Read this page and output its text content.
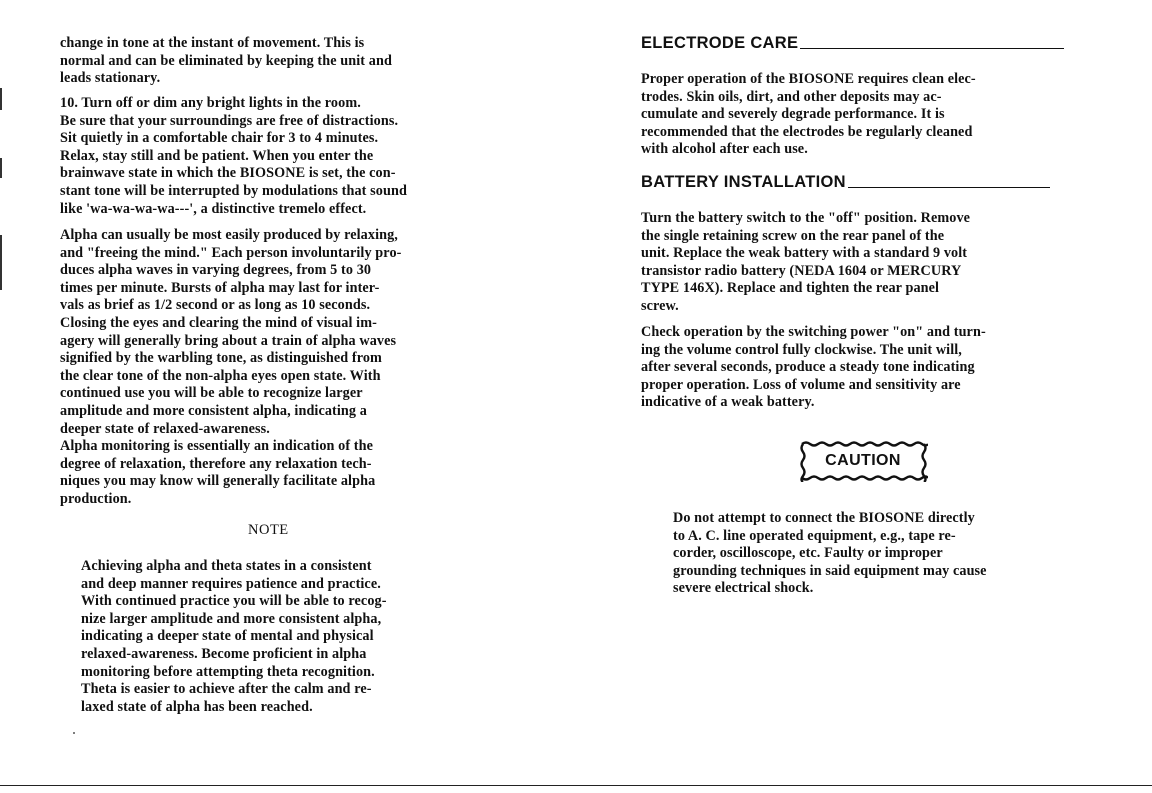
change in tone at the instant of movement. This is
normal and can be eliminated by keeping the unit and
leads stationary.

10. Turn off or dim any bright lights in the room.
Be sure that your surroundings are free of distractions.
Sit quietly in a comfortable chair for 3 to 4 minutes.
Relax, stay still and be patient. When you enter the
brainwave state in which the BIOSONE is set, the con-
stant tone will be interrupted by modulations that sound
like 'wa-wa-wa-wa---', a distinctive tremelo effect.

Alpha can usually be most easily produced by relaxing,
and "freeing the mind." Each person involuntarily pro-
duces alpha waves in varying degrees, from 5 to 30
times per minute. Bursts of alpha may last for inter-
vals as brief as 1/2 second or as long as 10 seconds.
Closing the eyes and clearing the mind of visual im-
agery will generally bring about a train of alpha waves
signified by the warbling tone, as distinguished from
the clear tone of the non-alpha eyes open state. With
continued use you will be able to recognize larger
amplitude and more consistent alpha, indicating a
deeper state of relaxed-awareness.

Alpha monitoring is essentially an indication of the
degree of relaxation, therefore any relaxation tech-
niques you may know will generally facilitate alpha
production.

NOTE

Achieving alpha and theta states in a consistent
and deep manner requires patience and practice.
With continued practice you will be able to recog-
nize larger amplitude and more consistent alpha,
indicating a deeper state of mental and physical
relaxed-awareness. Become proficient in alpha
monitoring before attempting theta recognition.
Theta is easier to achieve after the calm and re-
laxed state of alpha has been reached.

ELECTRODE CARE

Proper operation of the BIOSONE requires clean elec-
trodes. Skin oils, dirt, and other deposits may ac-
cumulate and severely degrade performance. It is
recommended that the electrodes be regularly cleaned
with alcohol after each use.

BATTERY INSTALLATION

Turn the battery switch to the "off" position. Remove
the single retaining screw on the rear panel of the
unit. Replace the weak battery with a standard 9 volt
transistor radio battery (NEDA 1604 or MERCURY
TYPE 146X). Replace and tighten the rear panel
screw.

Check operation by the switching power "on" and turn-
ing the volume control fully clockwise. The unit will,
after several seconds, produce a steady tone indicating
proper operation. Loss of volume and sensitivity are
indicative of a weak battery.

CAUTION

Do not attempt to connect the BIOSONE directly
to A. C. line operated equipment, e.g., tape re-
corder, oscilloscope, etc. Faulty or improper
grounding techniques in said equipment may cause
severe electrical shock.
